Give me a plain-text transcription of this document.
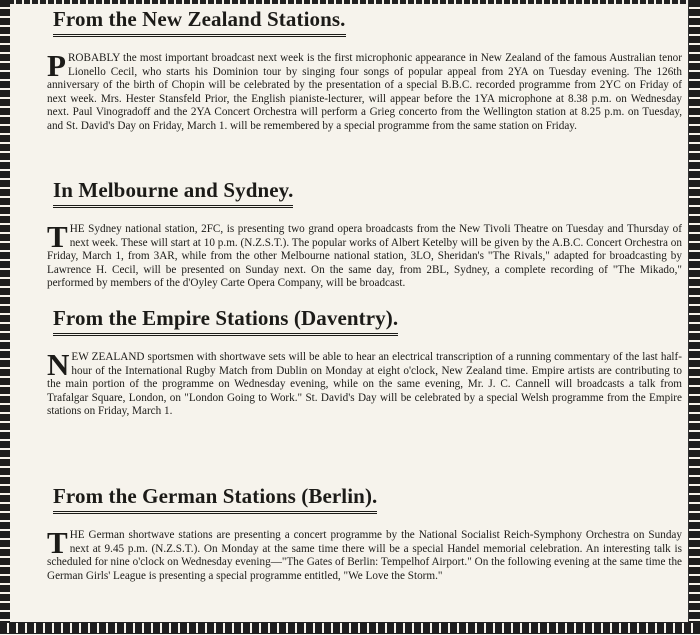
From the New Zealand Stations.
PROBABLY the most important broadcast next week is the first microphonic appearance in New Zealand of the famous Australian tenor Lionello Cecil, who starts his Dominion tour by singing four songs of popular appeal from 2YA on Tuesday evening. The 126th anniversary of the birth of Chopin will be celebrated by the presentation of a special B.B.C. recorded programme from 2YC on Friday of next week. Mrs. Hester Stansfeld Prior, the English pianiste-lecturer, will appear before the 1YA microphone at 8.38 p.m. on Wednesday next. Paul Vinogradoff and the 2YA Concert Orchestra will perform a Grieg concerto from the Wellington station at 8.25 p.m. on Tuesday, and St. David's Day on Friday, March 1. will be remembered by a special programme from the same station on Friday.
In Melbourne and Sydney.
THE Sydney national station, 2FC, is presenting two grand opera broadcasts from the New Tivoli Theatre on Tuesday and Thursday of next week. These will start at 10 p.m. (N.Z.S.T.). The popular works of Albert Ketelby will be given by the A.B.C. Concert Orchestra on Friday, March 1, from 3AR, while from the other Melbourne national station, 3LO, Sheridan's "The Rivals," adapted for broadcasting by Lawrence H. Cecil, will be presented on Sunday next. On the same day, from 2BL, Sydney, a complete recording of "The Mikado," performed by members of the d'Oyley Carte Opera Company, will be broadcast.
From the Empire Stations (Daventry).
NEW ZEALAND sportsmen with shortwave sets will be able to hear an electrical transcription of a running commentary of the last half-hour of the International Rugby Match from Dublin on Monday at eight o'clock, New Zealand time. Empire artists are contributing to the main portion of the programme on Wednesday evening, while on the same evening, Mr. J. C. Cannell will broadcasts a talk from Trafalgar Square, London, on "London Going to Work." St. David's Day will be celebrated by a special Welsh programme from the Empire stations on Friday, March 1.
From the German Stations (Berlin).
THE German shortwave stations are presenting a concert programme by the National Socialist Reich-Symphony Orchestra on Sunday next at 9.45 p.m. (N.Z.S.T.). On Monday at the same time there will be a special Handel memorial celebration. An interesting talk is scheduled for nine o'clock on Wednesday evening—"The Gates of Berlin: Tempelhof Airport." On the following evening at the same time the German Girls' League is presenting a special programme entitled, "We Love the Storm."
